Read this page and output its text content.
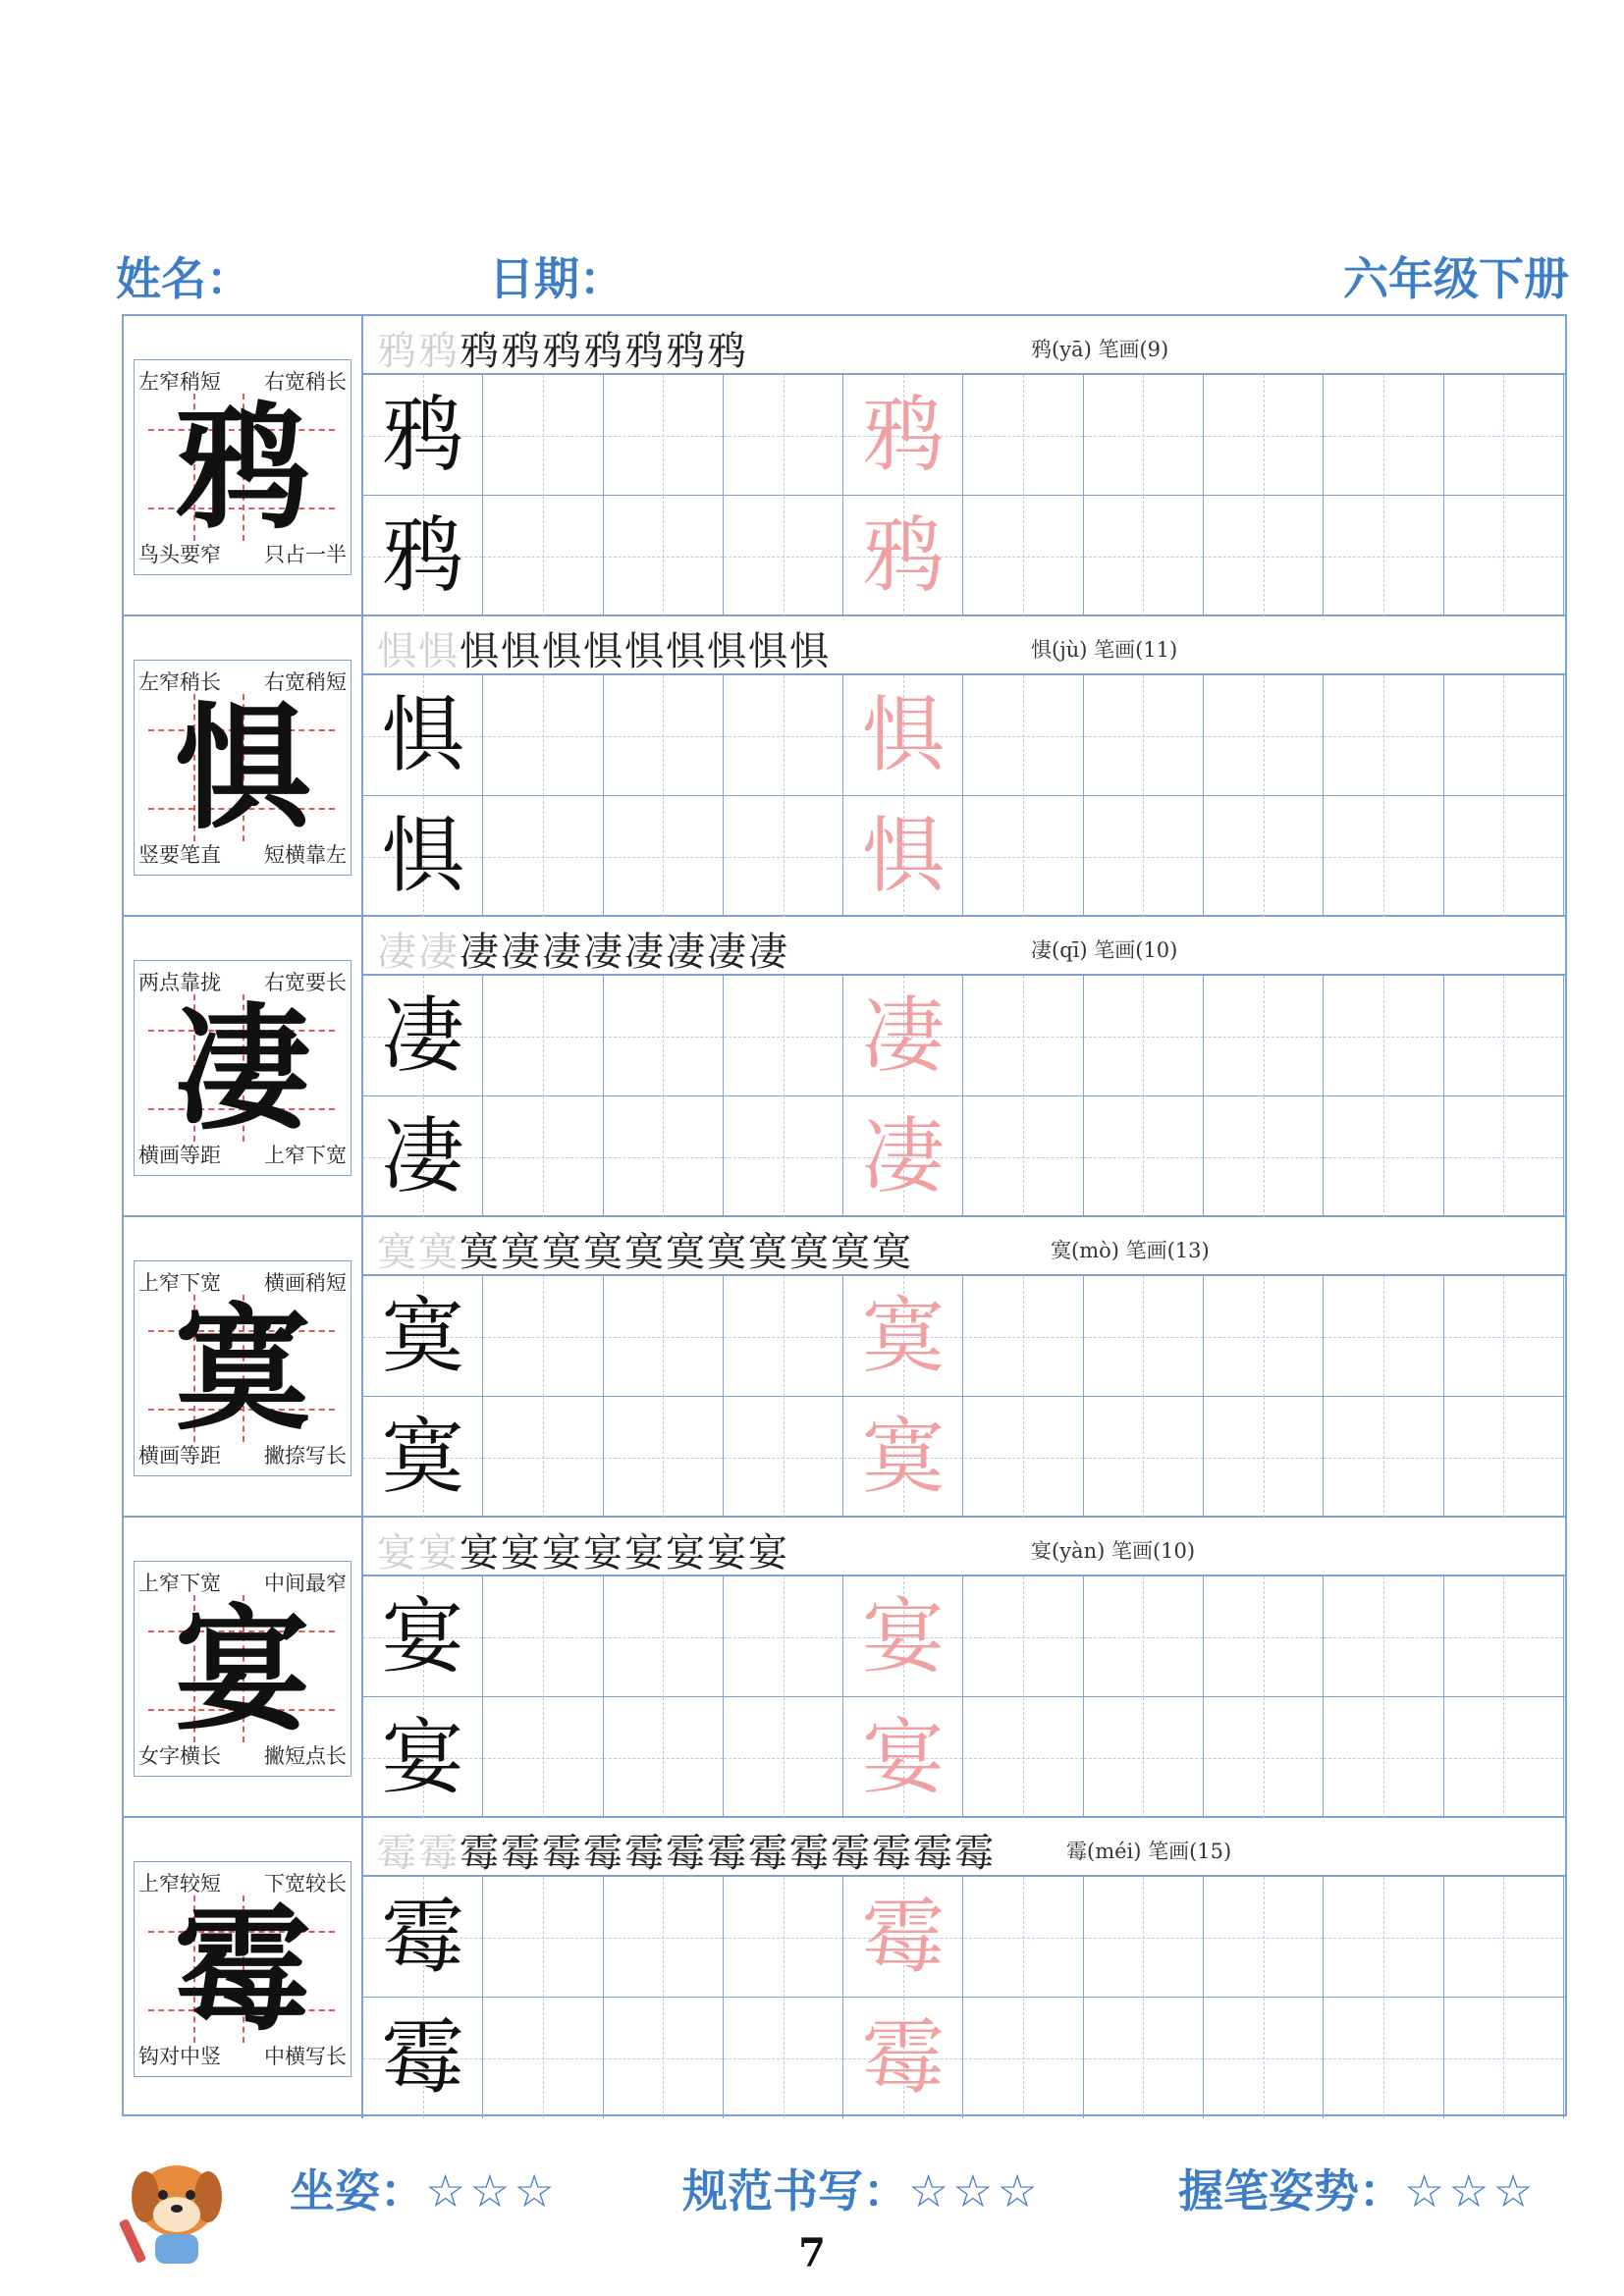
姓名：	日期：	六年级下册
左窄稍短 右宽稍长
鸟头要窄 只占一半
鸦
鸦鸦鸦鸦鸦鸦鸦鸦鸦	鸦(yā) 笔画(9)
鸦	鸦
鸦	鸦
左窄稍长 右宽稍短
竖要笔直 短横靠左
惧
惧惧惧惧惧惧惧惧惧惧惧	惧(jù) 笔画(11)
惧	惧
惧	惧
两点靠拢 右宽要长
横画等距 上窄下宽
凄
凄凄凄凄凄凄凄凄凄凄	凄(qī) 笔画(10)
凄	凄
凄	凄
上窄下宽 横画稍短
横画等距 撇捺写长
寞
寞寞寞寞寞寞寞寞寞寞寞寞寞	寞(mò) 笔画(13)
寞	寞
寞	寞
上窄下宽 中间最窄
女字横长 撇短点长
宴
宴宴宴宴宴宴宴宴宴宴	宴(yàn) 笔画(10)
宴	宴
宴	宴
上窄较短 下宽较长
钩对中竖 中横写长
霉
霉霉霉霉霉霉霉霉霉霉霉霉霉霉霉	霉(méi) 笔画(15)
霉	霉
霉	霉
坐姿：☆☆☆	规范书写：☆☆☆	握笔姿势：☆☆☆
7
